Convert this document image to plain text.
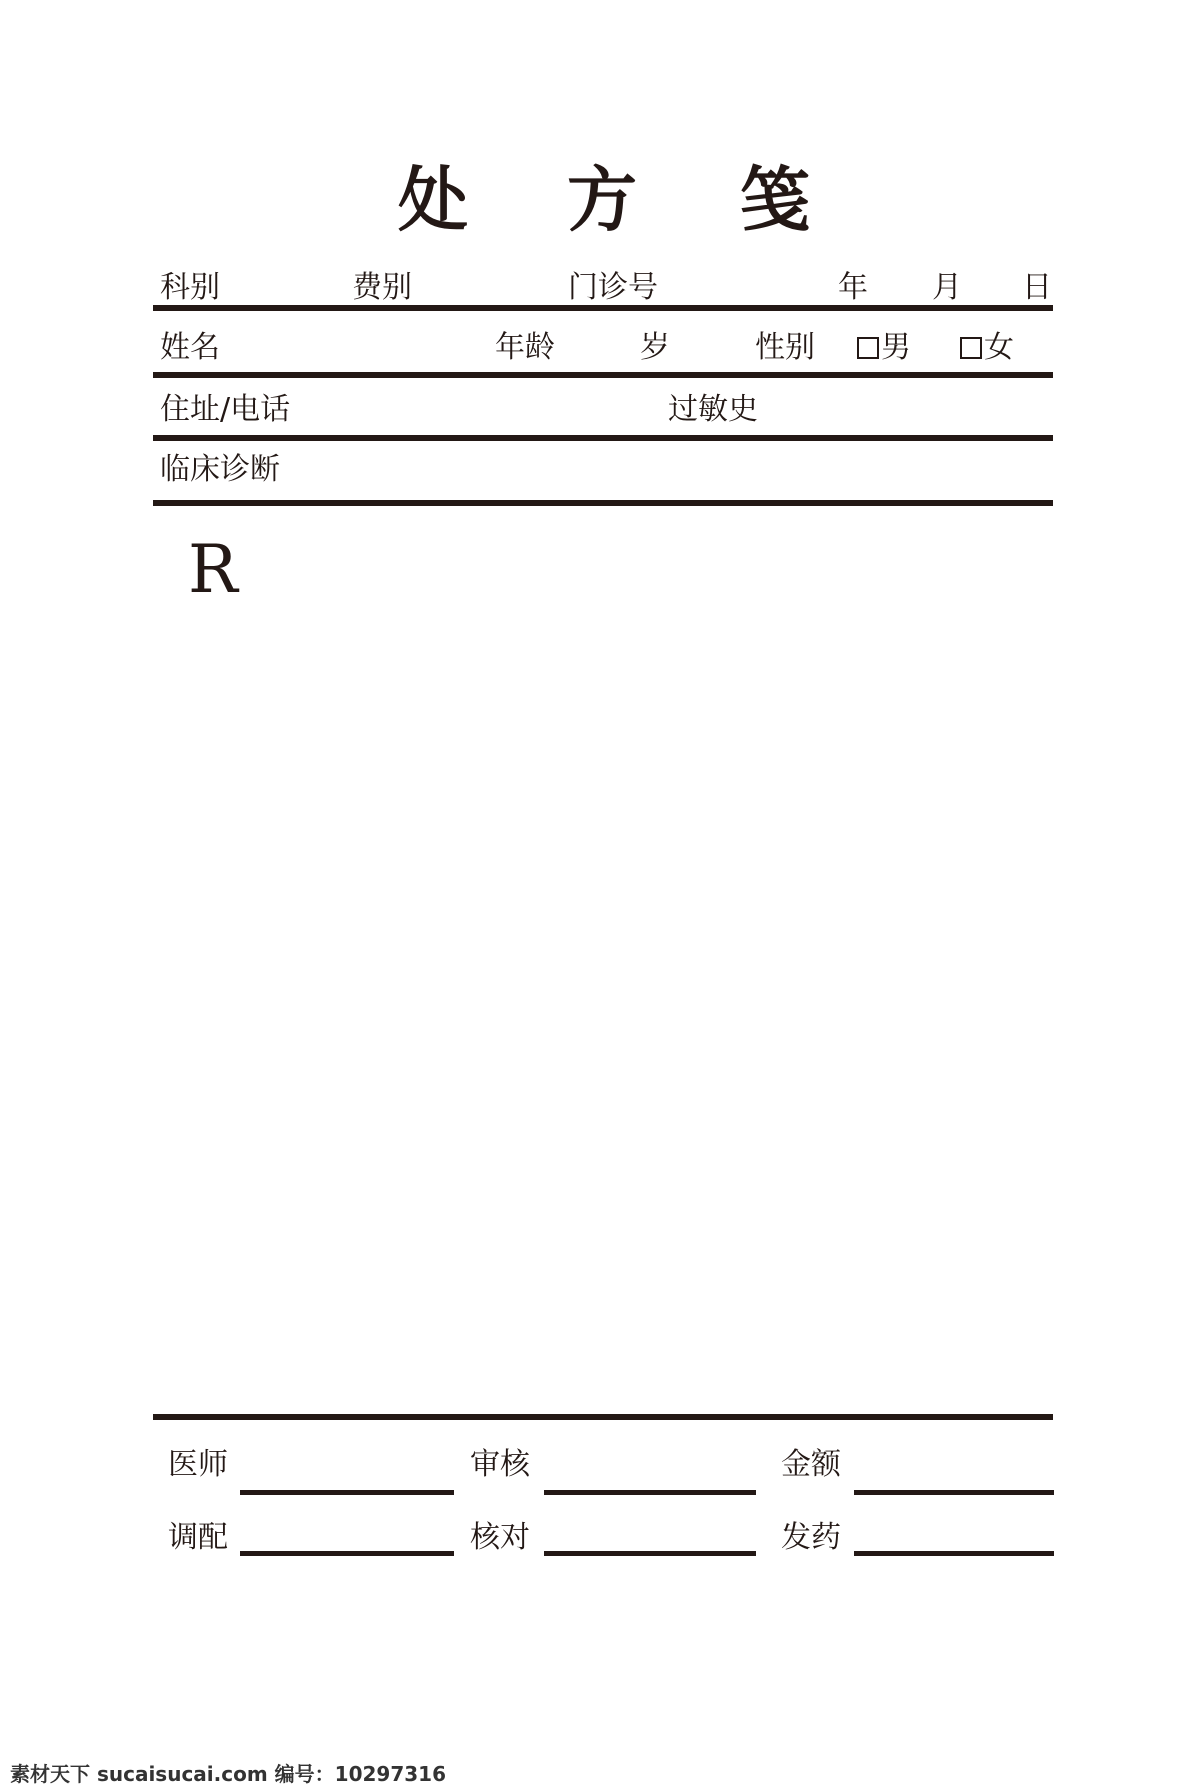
处 方 笺
科别	费别	门诊号	年 月 日
姓名	年龄	岁	性别	男	女
住址/电话	过敏史
临床诊断
R
医师	审核	金额
调配	核对	发药
素材天下 sucaisucai.com 编号：10297316
